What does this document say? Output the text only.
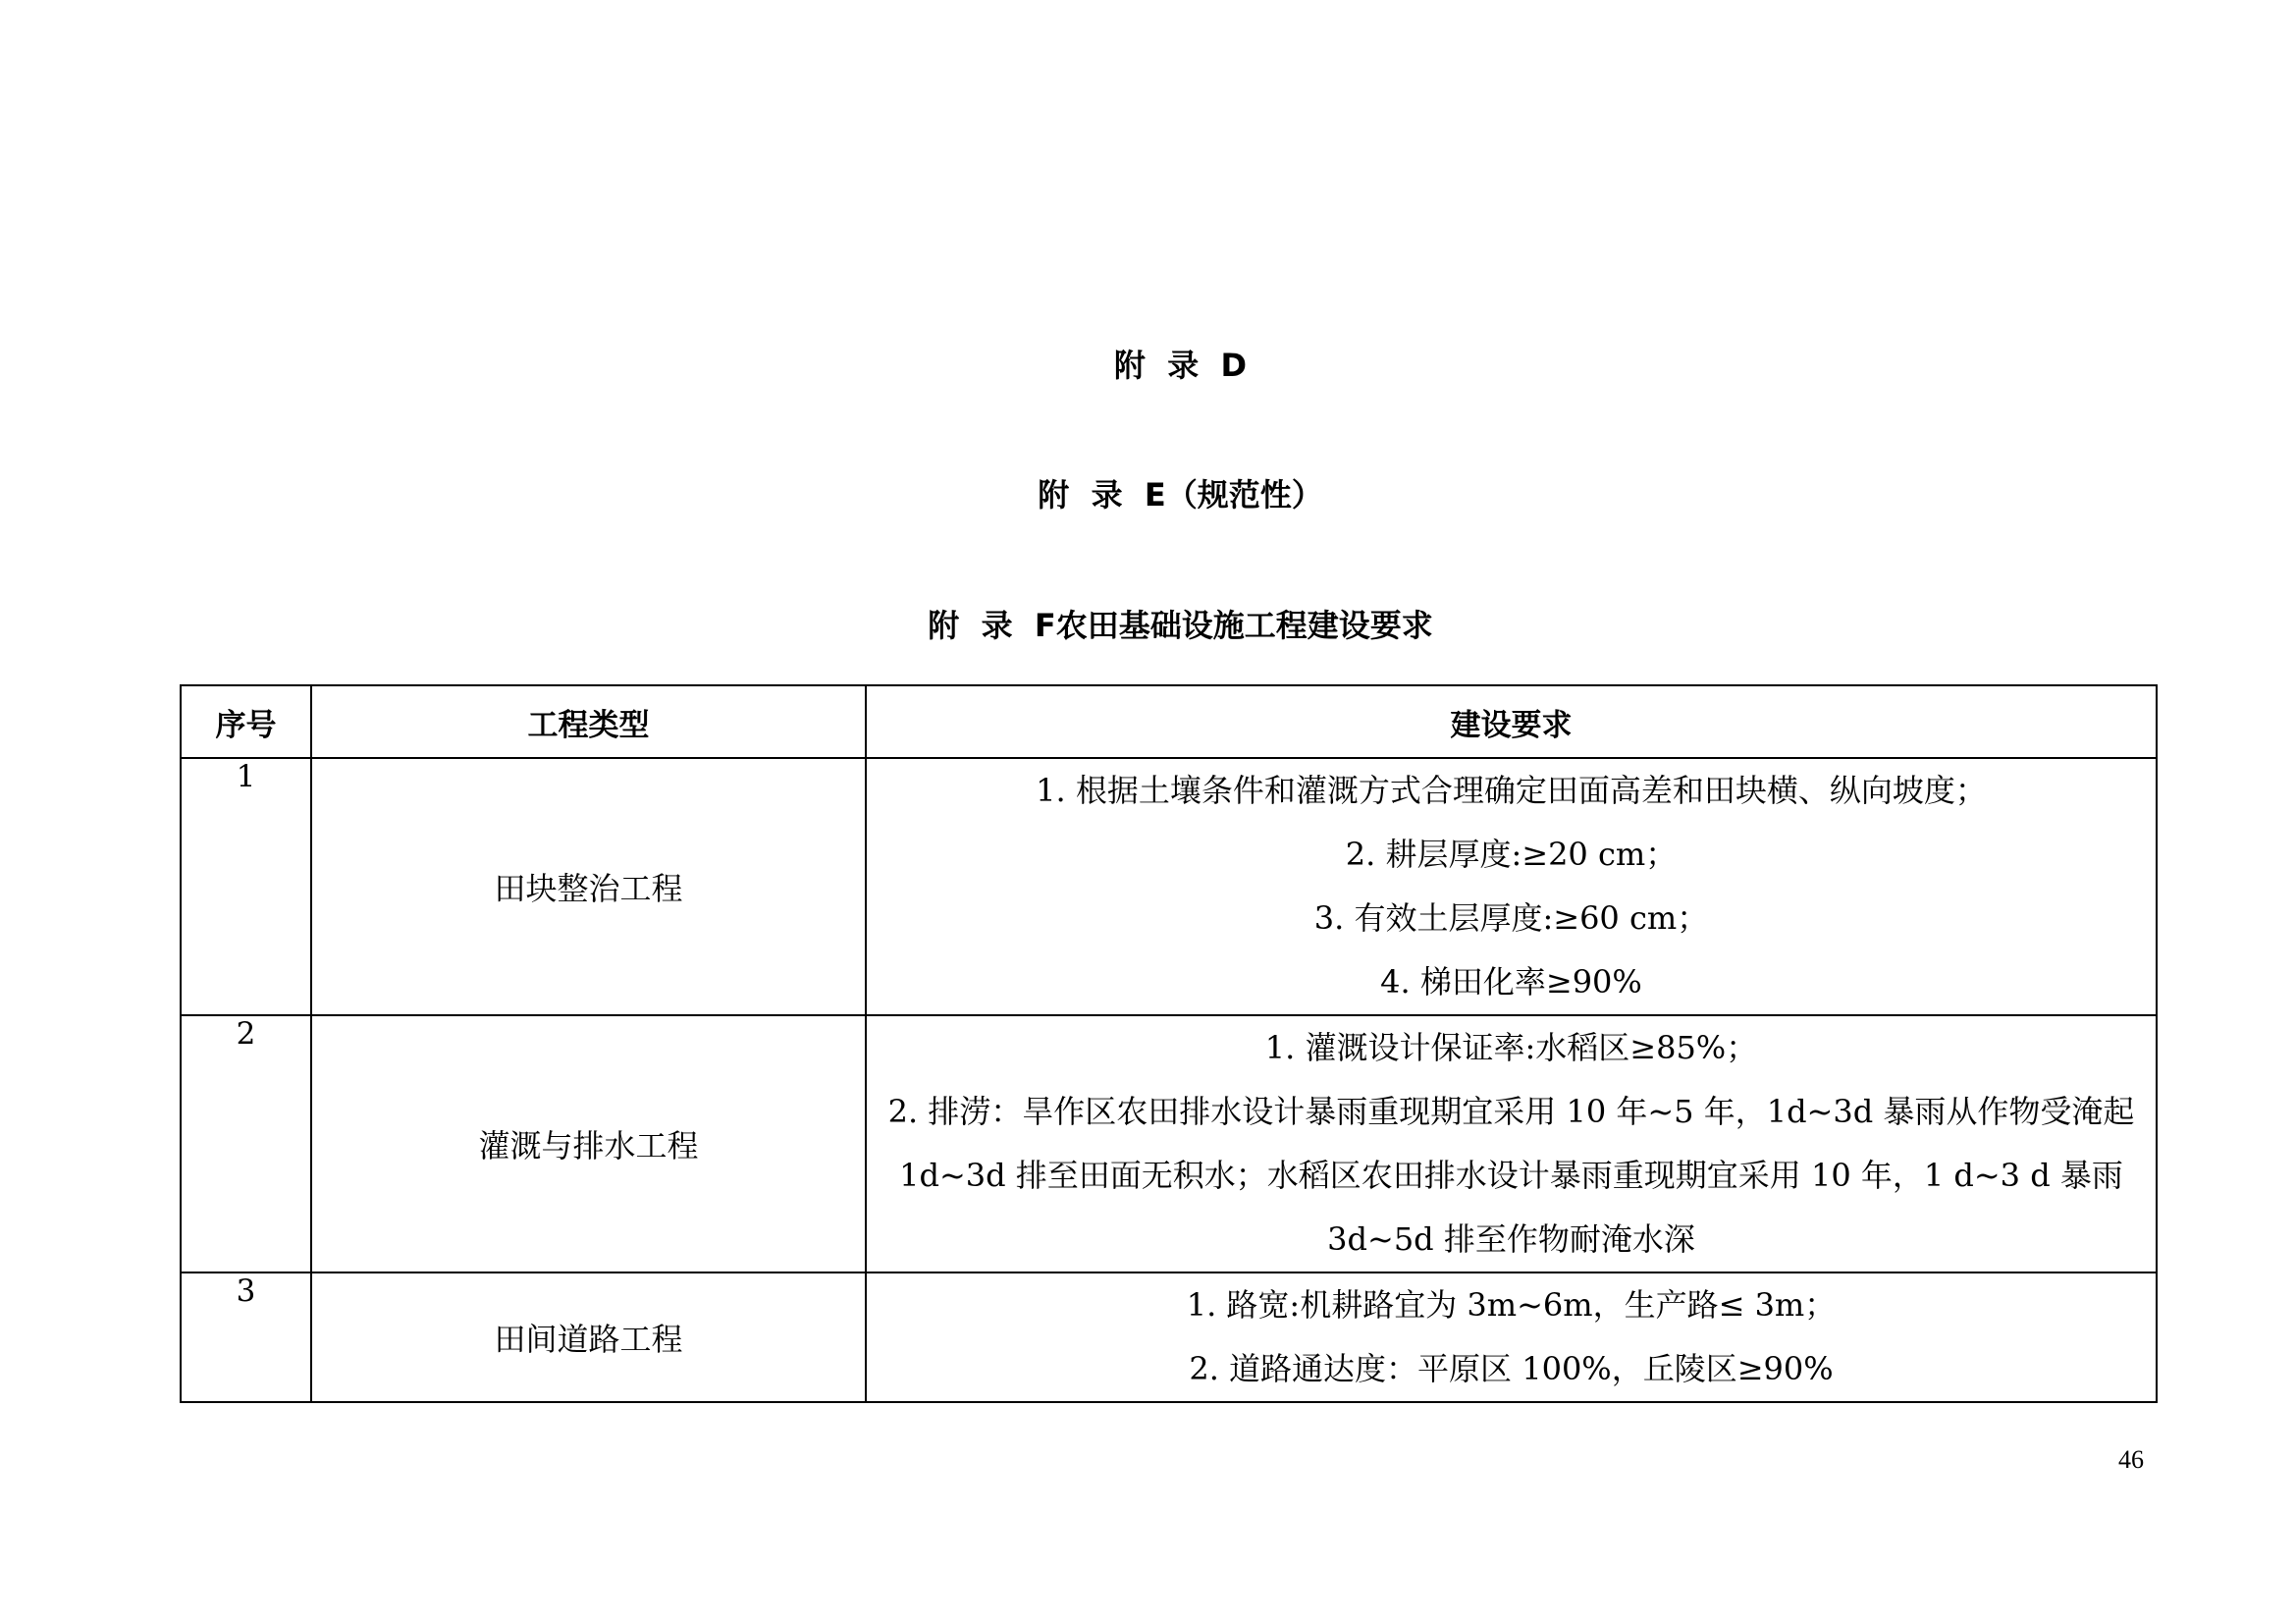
附  录  D
附  录  E（规范性）
附  录  F农田基础设施工程建设要求
序号	工程类型	建设要求
1	田块整治工程	1. 根据土壤条件和灌溉方式合理确定田面高差和田块横、纵向坡度；
2. 耕层厚度:≥20 cm；
3. 有效土层厚度:≥60 cm；
4. 梯田化率≥90%

2	灌溉与排水工程	1. 灌溉设计保证率:水稻区≥85%；
2. 排涝：旱作区农田排水设计暴雨重现期宜采用 10 年~5 年，1d~3d 暴雨从作物受淹起
1d~3d 排至田面无积水；水稻区农田排水设计暴雨重现期宜采用 10 年，1 d~3 d 暴雨
3d~5d 排至作物耐淹水深

3	田间道路工程	1. 路宽:机耕路宜为 3m~6m，生产路≤ 3m；
2. 道路通达度：平原区 100%，丘陵区≥90%
46
